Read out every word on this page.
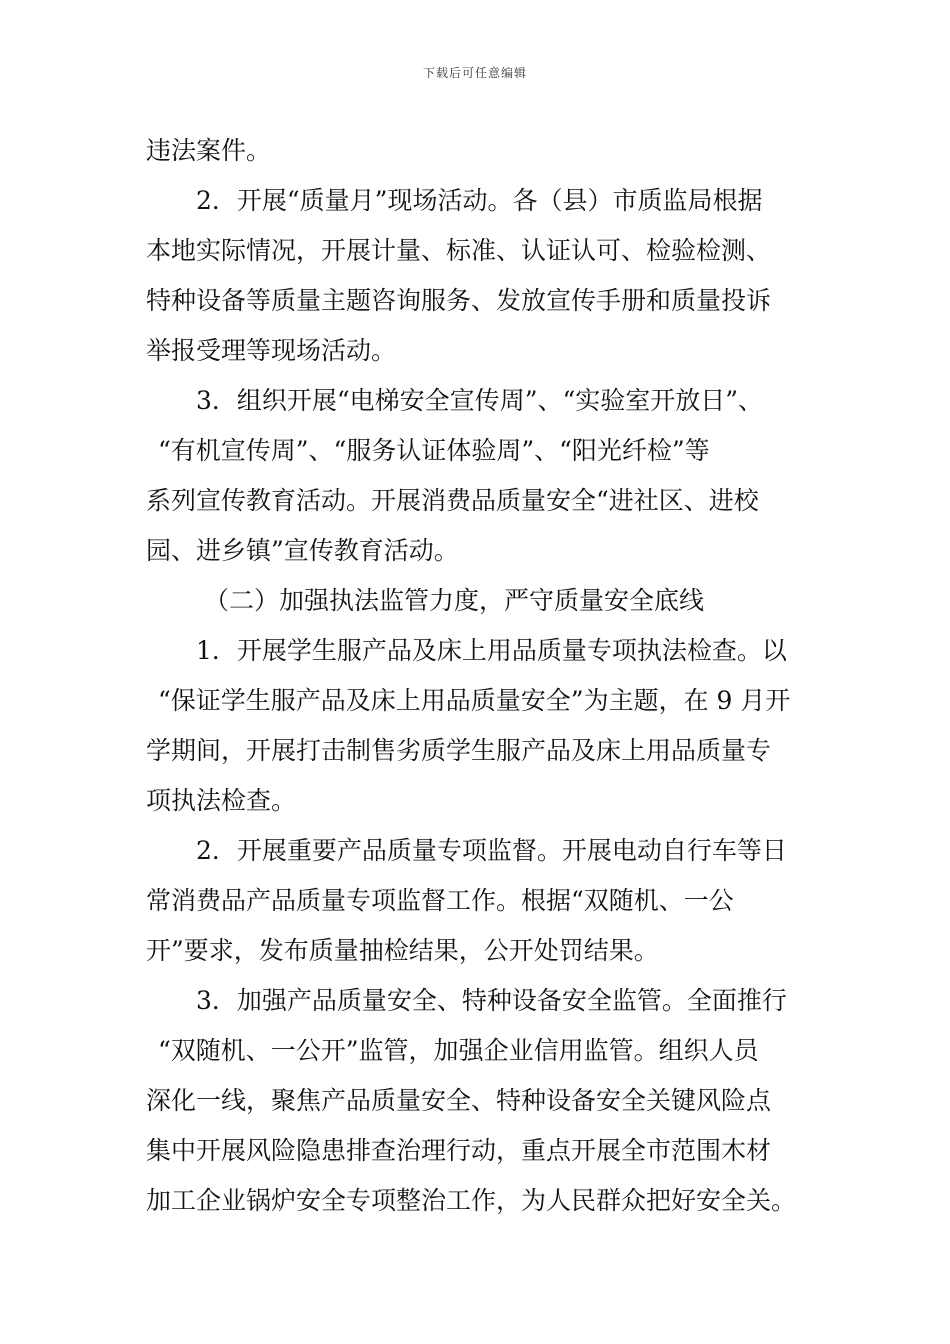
下载后可任意编辑
违法案件。
2．开展“质量月”现场活动。各（县）市质监局根据
本地实际情况，开展计量、标准、认证认可、检验检测、
特种设备等质量主题咨询服务、发放宣传手册和质量投诉
举报受理等现场活动。
3．组织开展“电梯安全宣传周”、“实验室开放日”、
“有机宣传周”、“服务认证体验周”、“阳光纤检”等
系列宣传教育活动。开展消费品质量安全“进社区、进校
园、进乡镇”宣传教育活动。
（二）加强执法监管力度，严守质量安全底线
1．开展学生服产品及床上用品质量专项执法检查。以
“保证学生服产品及床上用品质量安全”为主题，在 9 月开
学期间，开展打击制售劣质学生服产品及床上用品质量专
项执法检查。
2．开展重要产品质量专项监督。开展电动自行车等日
常消费品产品质量专项监督工作。根据“双随机、一公
开”要求，发布质量抽检结果，公开处罚结果。
3．加强产品质量安全、特种设备安全监管。全面推行
“双随机、一公开”监管，加强企业信用监管。组织人员
深化一线，聚焦产品质量安全、特种设备安全关键风险点
集中开展风险隐患排查治理行动，重点开展全市范围木材
加工企业锅炉安全专项整治工作，为人民群众把好安全关。
